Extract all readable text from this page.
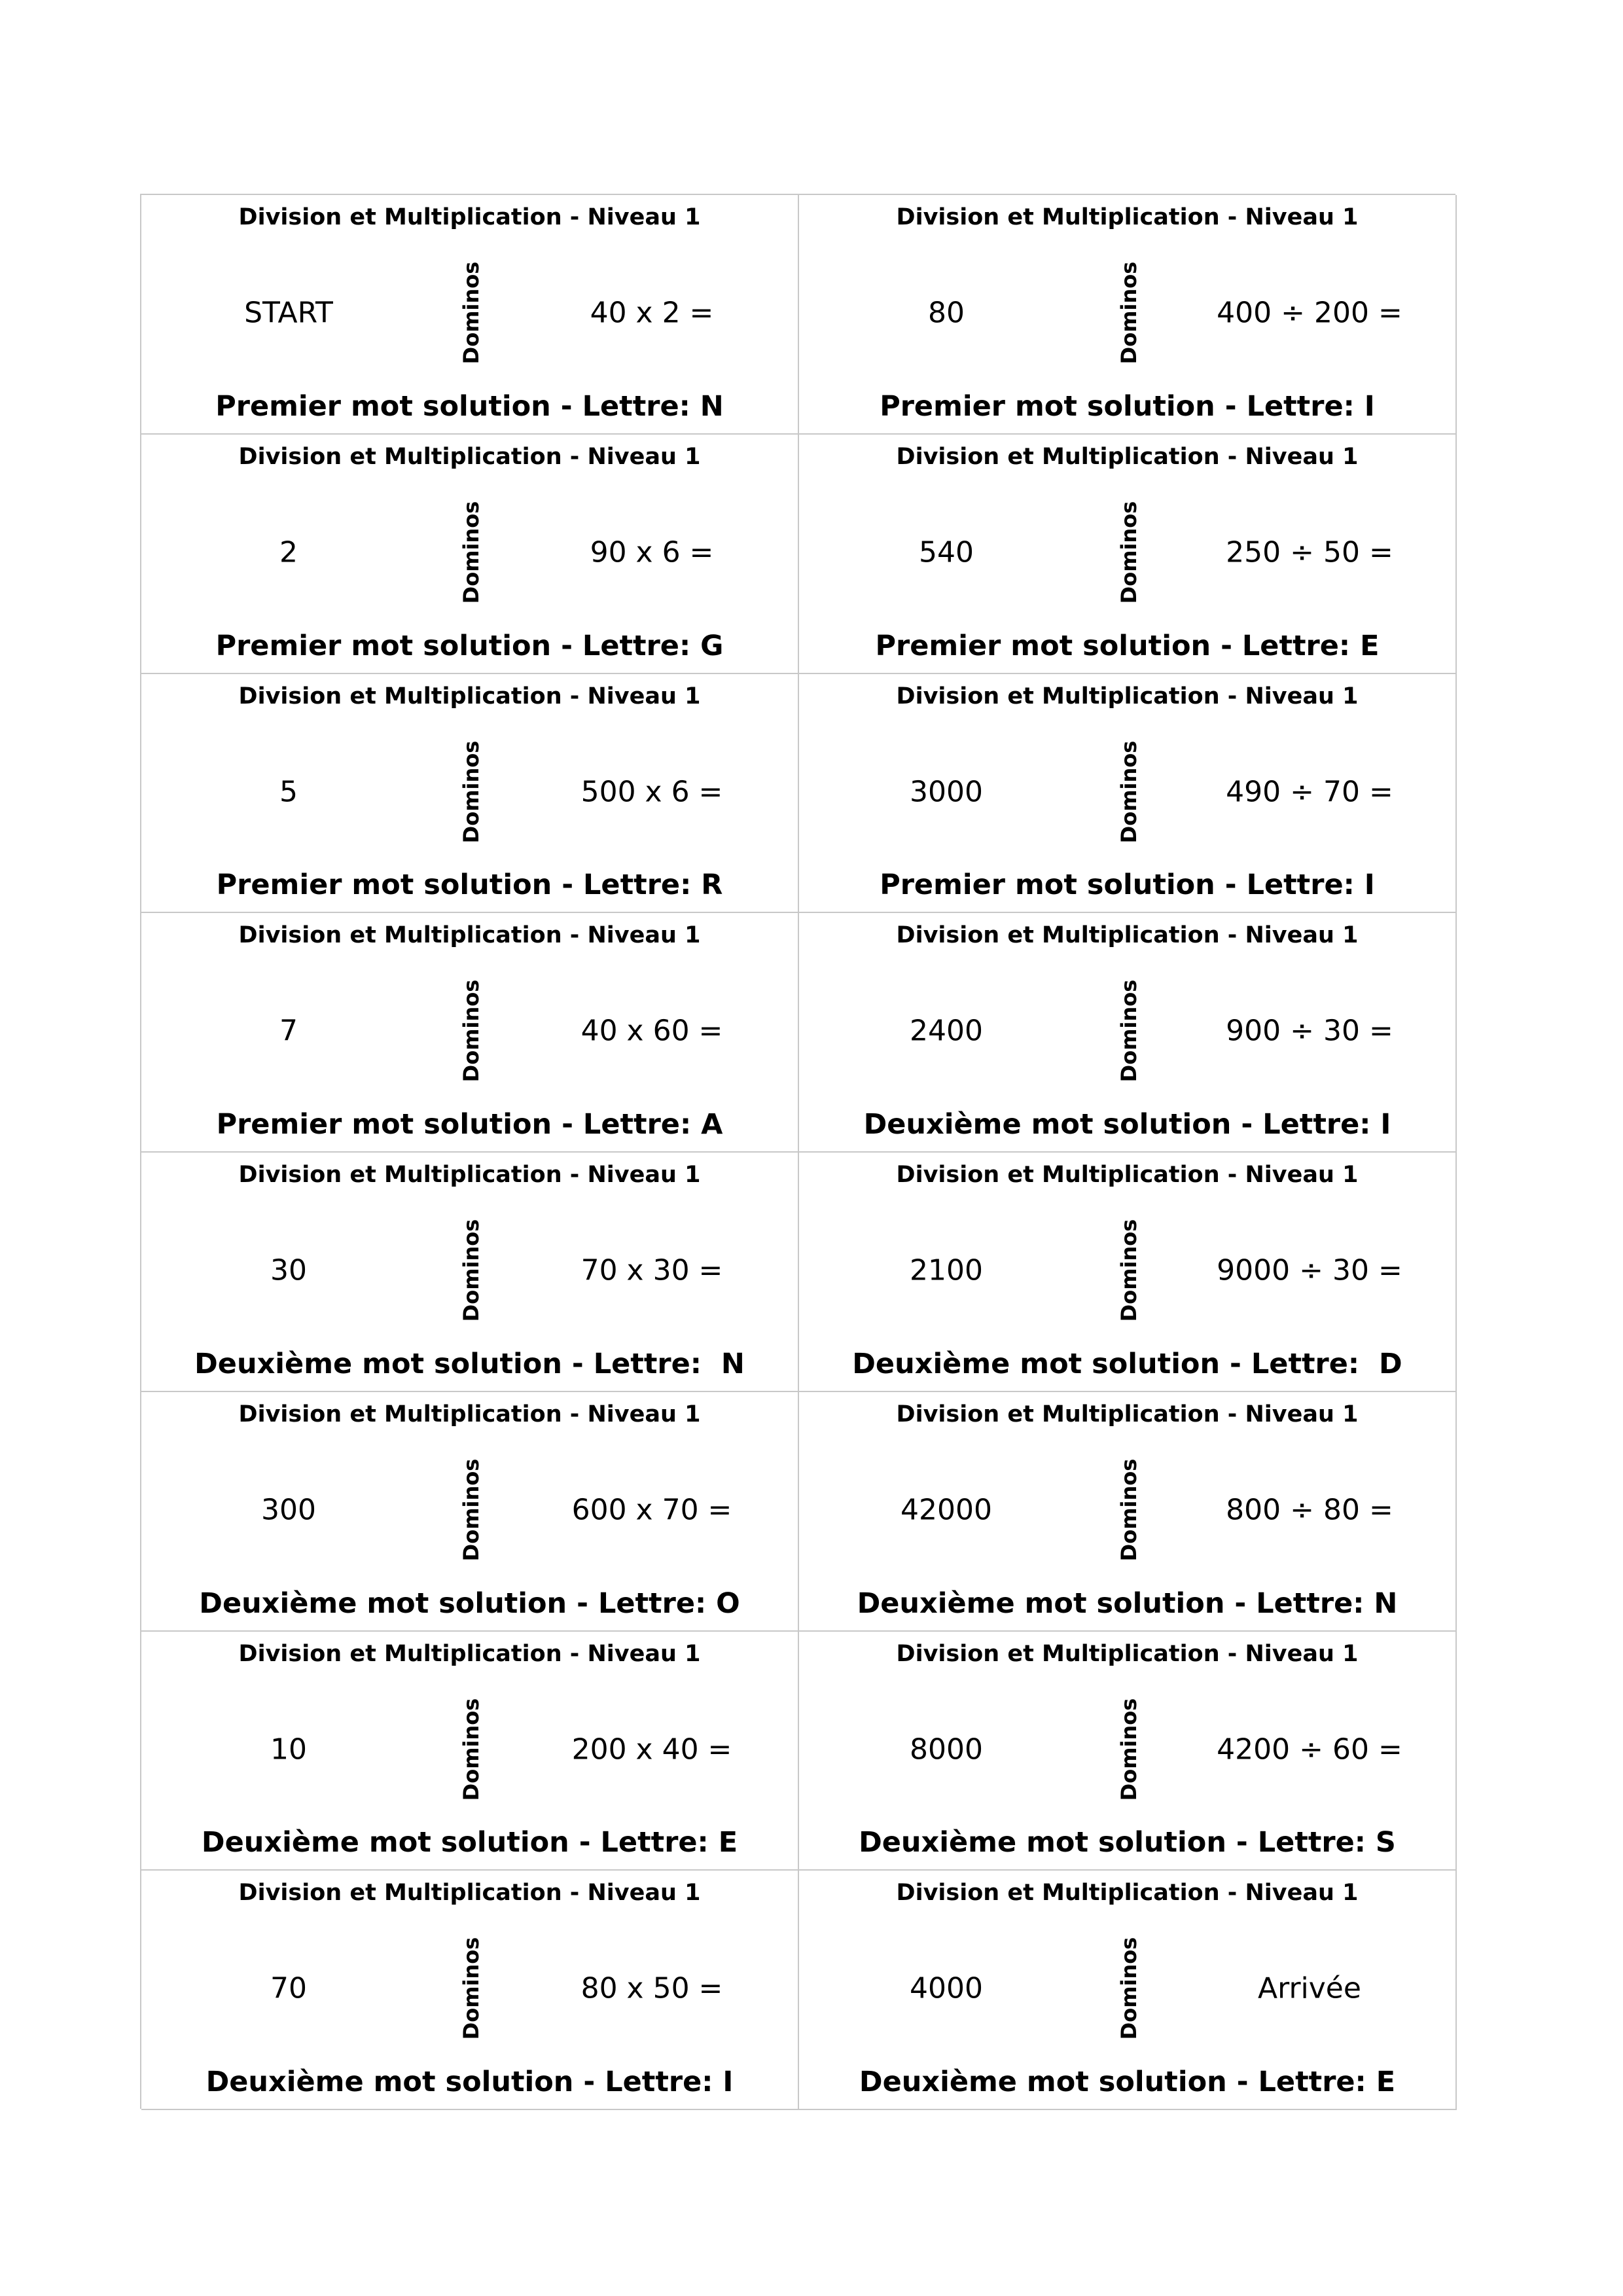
Division et Multiplication - Niveau 1
START	Dominos	40 x 2 =
Premier mot solution - Lettre: N
Division et Multiplication - Niveau 1
80	Dominos	400 ÷ 200 =
Premier mot solution - Lettre: I
Division et Multiplication - Niveau 1
2	Dominos	90 x 6 =
Premier mot solution - Lettre: G
Division et Multiplication - Niveau 1
540	Dominos	250 ÷ 50 =
Premier mot solution - Lettre: E
Division et Multiplication - Niveau 1
5	Dominos	500 x 6 =
Premier mot solution - Lettre: R
Division et Multiplication - Niveau 1
3000	Dominos	490 ÷ 70 =
Premier mot solution - Lettre: I
Division et Multiplication - Niveau 1
7	Dominos	40 x 60 =
Premier mot solution - Lettre: A
Division et Multiplication - Niveau 1
2400	Dominos	900 ÷ 30 =
Deuxième mot solution - Lettre: I
Division et Multiplication - Niveau 1
30	Dominos	70 x 30 =
Deuxième mot solution - Lettre:  N
Division et Multiplication - Niveau 1
2100	Dominos	9000 ÷ 30 =
Deuxième mot solution - Lettre:  D
Division et Multiplication - Niveau 1
300	Dominos	600 x 70 =
Deuxième mot solution - Lettre: O
Division et Multiplication - Niveau 1
42000	Dominos	800 ÷ 80 =
Deuxième mot solution - Lettre: N
Division et Multiplication - Niveau 1
10	Dominos	200 x 40 =
Deuxième mot solution - Lettre: E
Division et Multiplication - Niveau 1
8000	Dominos	4200 ÷ 60 =
Deuxième mot solution - Lettre: S
Division et Multiplication - Niveau 1
70	Dominos	80 x 50 =
Deuxième mot solution - Lettre: I
Division et Multiplication - Niveau 1
4000	Dominos	Arrivée
Deuxième mot solution - Lettre: E
